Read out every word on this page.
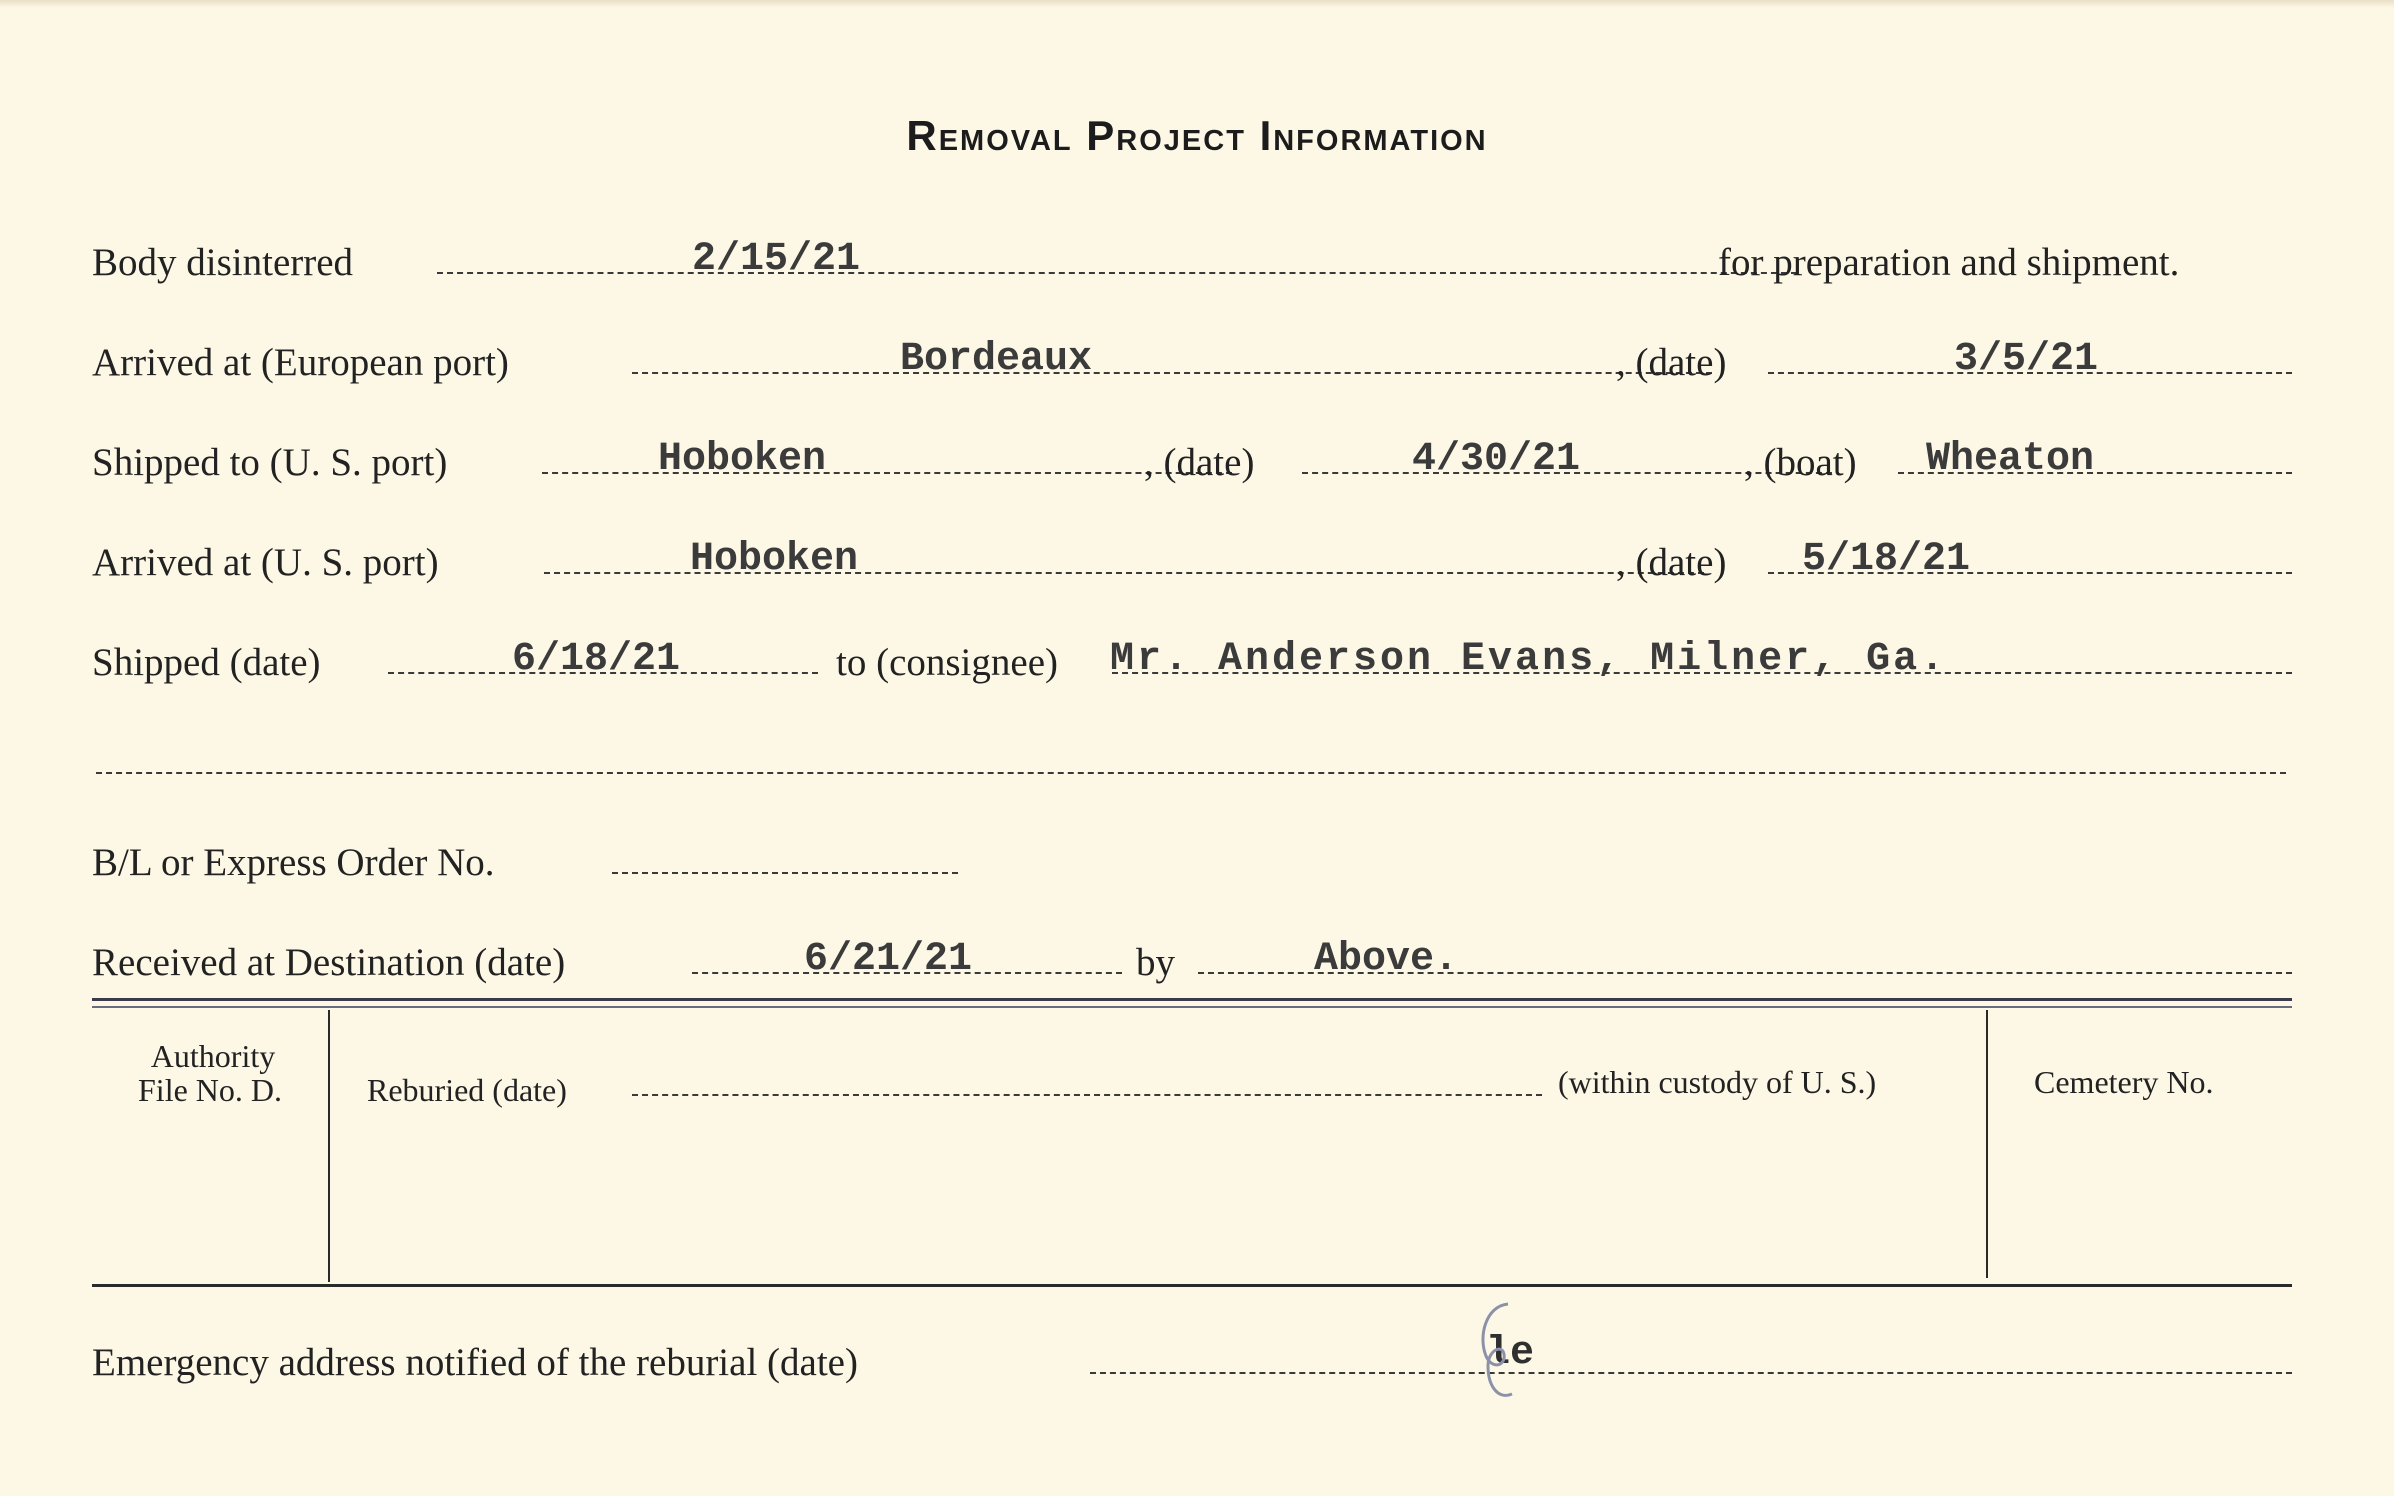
Removal Project Information
Body disinterred	2/15/21	for preparation and shipment.
Arrived at (European port)	Bordeaux	, (date)	3/5/21
Shipped to (U. S. port)	Hoboken	, (date)	4/30/21	, (boat) Wheaton
Arrived at (U. S. port)	Hoboken	, (date) 5/18/21
Shipped (date)	6/18/21	to (consignee) Mr. Anderson Evans, Milner, Ga.
B/L or Express Order No.
Received at Destination (date)	6/21/21	by	Above.
Authority
File No. D.	Reburied (date)	(within custody of U. S.)	Cemetery No.
Emergency address notified of the reburial (date)	le
